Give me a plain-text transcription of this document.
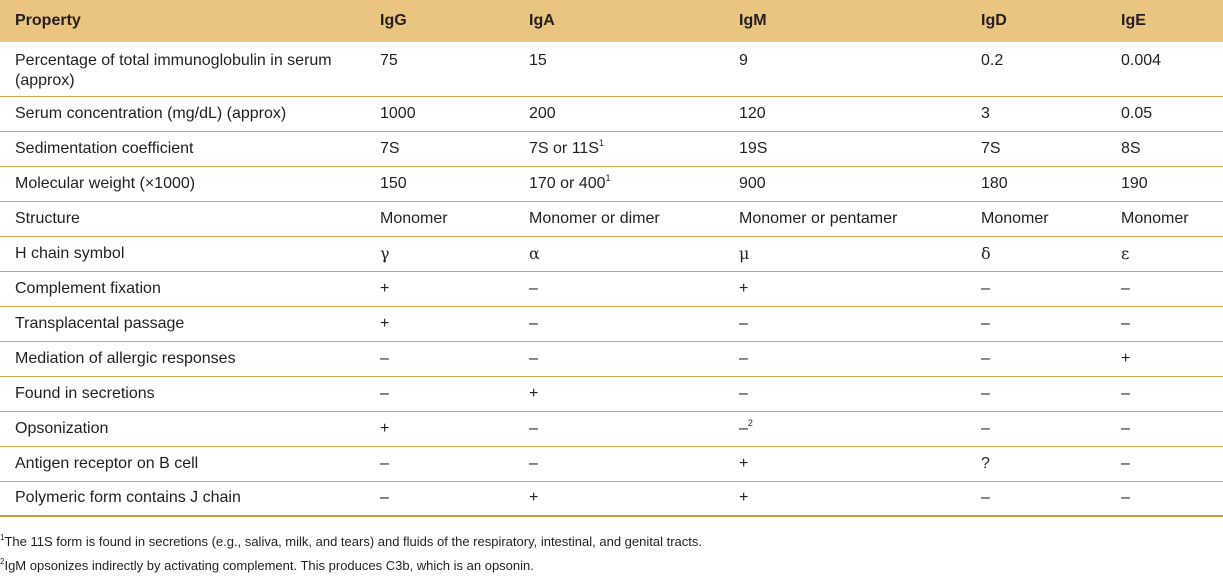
Property	IgG	IgA	IgM	IgD	IgE
Percentage of total immunoglobulin in serum (approx)	75	15	9	0.2	0.004
Serum concentration (mg/dL) (approx)	1000	200	120	3	0.05
Sedimentation coefficient	7S	7S or $11S^1$	19S	7S	8S
Molecular weight (×1000)	150	170 or $400^1$	900	180	190
Structure	Monomer	Monomer or dimer	Monomer or pentamer	Monomer	Monomer
H chain symbol	γ	α	μ	δ	ε
Complement fixation	+	–	+	–	–
Transplacental passage	+	–	–	–	–
Mediation of allergic responses	–	–	–	–	+
Found in secretions	–	+	–	–	–
Opsonization	+	–	–$^2$	–	–
Antigen receptor on B cell	–	–	+	?	–
Polymeric form contains J chain	–	+	+	–	–
$^1$The 11S form is found in secretions (e.g., saliva, milk, and tears) and fluids of the respiratory, intestinal, and genital tracts.
$^2$IgM opsonizes indirectly by activating complement. This produces C3b, which is an opsonin.
